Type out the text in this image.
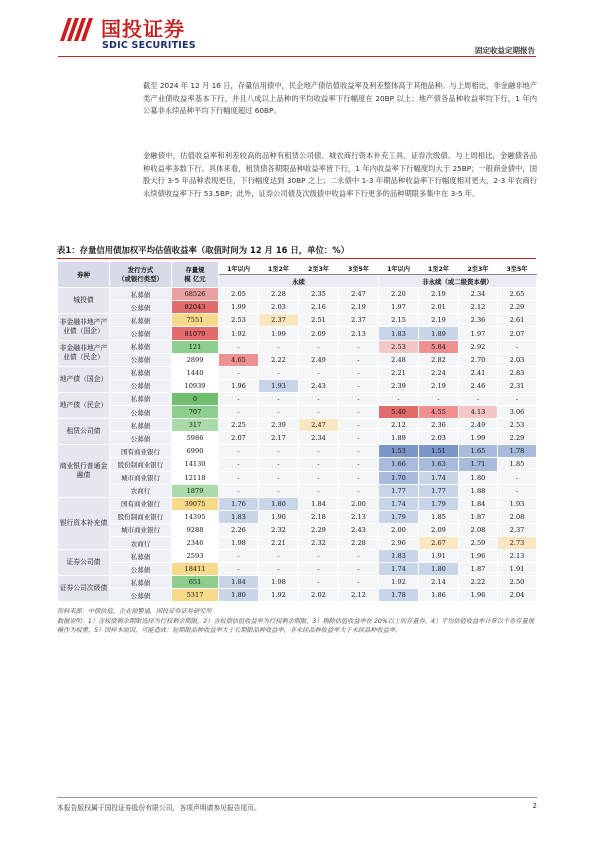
国投证券
SDIC SECURITIES	固定收益定期报告

截至 2024 年 12 月 16 日，存量信用债中，民企地产债估值收益率及利差整体高于其他品种。与上周相比，非金融非地产类产业债收益率基本下行，并且八成以上品种的平均收益率下行幅度在 20BP 以上；地产债各品种收益率均下行，1 年内公募非永续品种平均下行幅度超过 60BP。

金融债中，估值收益率和利差较高的品种有租赁公司债、城农商行资本补充工具、证券次级债。与上周相比，金融债各品种收益率多数下行。具体来看，租赁债各期限品种收益率皆下行，1 年内收益率下行幅度均大于 25BP；一般商金债中，国股大行 3-5 年品种表现更佳，下行幅度达到 30BP 之上；二永债中 1-3 年期品种收益率下行幅度相对更大，2-3 年农商行永续债收益率下行 53.5BP；此外，证券公司债及次级债中收益率下行更多的品种期限多集中在 3-5 年。

表1：存量信用债加权平均估值收益率（取值时间为 12 月 16 日，单位：%）
券种	发行方式
（或银行类型）	存量规
模 亿元	1年以内	1至2年	2至3年	3至5年	1年以内	1至2年	2至3年	3至5年
			永续				非永续（或二级资本债）			
城投债	私募债	68526	2.05	2.28	2.35	2.47	2.20	2.19	2.34	2.65
	公募债	82043	1.99	2.03	2.16	2.19	1.97	2.01	2.12	2.29
非金融非地产产业债（国企）	私募债	7551	2.53	2.37	2.51	2.37	2.15	2.19	2.36	2.61
	公募债	81079	1.92	1.99	2.09	2.13	1.83	1.89	1.97	2.07
非金融非地产产业债（民企）	私募债	121	-	-	-	-	2.53	5.84	2.92	-
	公募债	2899	4.65	2.22	2.49	-	2.48	2.82	2.70	2.03
地产债（国企）	私募债	1440	-	-	-	-	2.21	2.24	2.41	2.83
	公募债	10939	1.96	1.93	2.43	-	2.39	2.19	2.46	2.31
地产债（民企）	私募债	0	-	-	-	-	-	-	-	-
	公募债	707	-	-	-	-	5.40	4.55	4.13	3.06
租赁公司债	私募债	317	2.25	2.39	2.47	-	2.12	2.36	2.49	2.53
	公募债	5986	2.07	2.17	2.34	-	1.89	2.03	1.99	2.29
商业银行普通金融债	国有商业银行	6990	-	-	-	-	1.53	1.51	1.65	1.78
	股份制商业银行	14130	-	-	-	-	1.66	1.63	1.71	1.85
	城市商业银行	12118	-	-	-	-	1.70	1.74	1.80	-
	农商行	1879	-	-	-	-	1.77	1.77	1.88	-
银行资本补充债	国有商业银行	39075	1.76	1.80	1.84	2.00	1.74	1.79	1.84	1.93
	股份制商业银行	14395	1.83	1.90	2.18	2.13	1.79	1.85	1.87	2.08
	城市商业银行	9288	2.26	2.32	2.29	2.43	2.00	2.09	2.08	2.37
	农商行	2346	1.98	2.21	2.32	2.28	2.96	2.67	2.59	2.73
证券公司债	私募债	2593	-	-	-	-	1.83	1.91	1.96	2.13
	公募债	18411	-	-	-	-	1.74	1.80	1.87	1.91
证券公司次级债	私募债	651	1.84	1.98	-	-	1.92	2.14	2.22	2.50
	公募债	5317	1.80	1.92	2.02	2.12	1.78	1.86	1.96	2.04
资料来源：中债估值，企业预警通，国投证券证券研究所
数据说明：1）含权债剩余期限选择为行权剩余期限，2）含权债估值收益率为行权剩余期限，3）剔除估值收益率在 20%以上的存量券，4）平均估值收益率计算以个券存量规模作为权重。5）因样本原因，可能造成：短期限品种收益率大于长期限品种收益率，非永续品种收益率大于永续品种收益率。
本报告版权属于国投证券股份有限公司，各项声明请参见报告尾页。	2
